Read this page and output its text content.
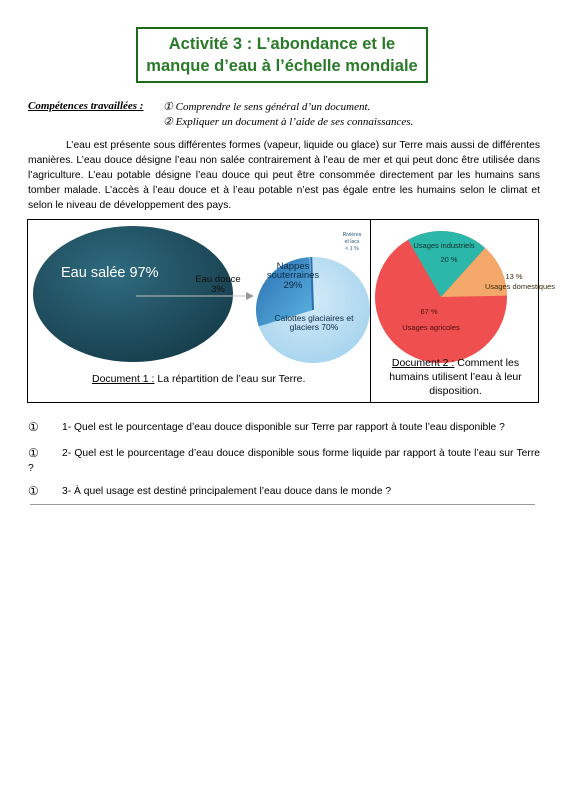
Activité 3 : L’abondance et le
manque d’eau à l’échelle mondiale
Compétences travaillées : ① Comprendre le sens général d’un document.
② Expliquer un document à l’aide de ses connaissances.

L’eau est présente sous différentes formes (vapeur, liquide ou glace) sur Terre mais aussi de différentes manières. L’eau douce désigne l’eau non salée contrairement à l’eau de mer et qui peut donc être utilisée dans l’agriculture. L’eau potable désigne l’eau douce qui peut être consommée directement par les humains sans tomber malade. L’accès à l’eau douce et à l’eau potable n’est pas égale entre les humains selon le climat et selon le niveau de développement des pays.

Eau salée 97%	Eau douce
3%
Nappes
souterraines
29%
Calottes glaciaires et
glaciers 70%
Rivières
et lacs
< 1 %
Document 1 : La répartition de l’eau sur Terre.
Usages industriels
20 %
13 %
Usages domestiques
67 %
Usages agricoles
Document 2 : Comment les
humains utilisent l’eau à leur
disposition.
①	1- Quel est le pourcentage d’eau douce disponible sur Terre par rapport à toute l’eau disponible ?
①	2- Quel est le pourcentage d’eau douce disponible sous forme liquide par rapport à toute l’eau sur Terre ?
①	3- À quel usage est destiné principalement l’eau douce dans le monde ?
